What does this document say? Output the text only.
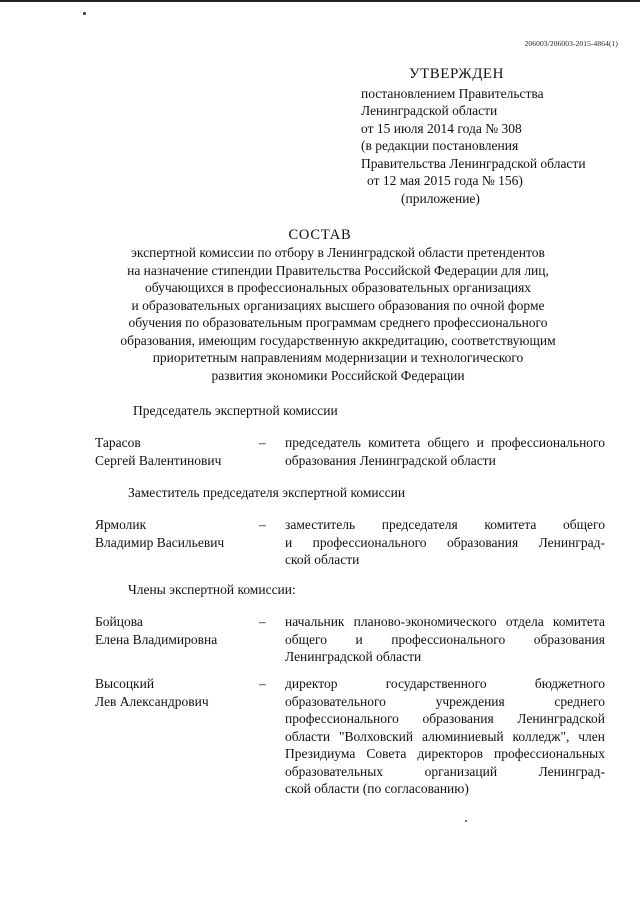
206003/206003-2015-4864(1)
УТВЕРЖДЕН
постановлением Правительства
Ленинградской области
от 15 июля 2014 года № 308
(в редакции постановления
Правительства Ленинградской области
от 12 мая 2015 года № 156)
(приложение)
СОСТАВ
экспертной комиссии по отбору в Ленинградской области претендентов
на назначение стипендии Правительства Российской Федерации для лиц,
обучающихся в профессиональных образовательных организациях
и образовательных организациях высшего образования по очной форме
обучения по образовательным программам среднего профессионального
образования, имеющим государственную аккредитацию, соответствующим
приоритетным направлениям модернизации и технологического
развития экономики Российской Федерации
Председатель экспертной комиссии
Тарасов
Сергей Валентинович
– председатель комитета общего и профессионального
образования Ленинградской области
Заместитель председателя экспертной комиссии
Ярмолик
Владимир Васильевич
– заместитель председателя комитета общего
и профессионального образования Ленинград-
ской области
Члены экспертной комиссии:
Бойцова
Елена Владимировна
– начальник планово-экономического отдела комитета
общего и профессионального образования
Ленинградской области
Высоцкий
Лев Александрович
– директор государственного бюджетного
образовательного учреждения среднего
профессионального образования Ленинградской
области "Волховский алюминиевый колледж", член
Президиума Совета директоров профессиональных
образовательных организаций Ленинград-
ской области (по согласованию)
